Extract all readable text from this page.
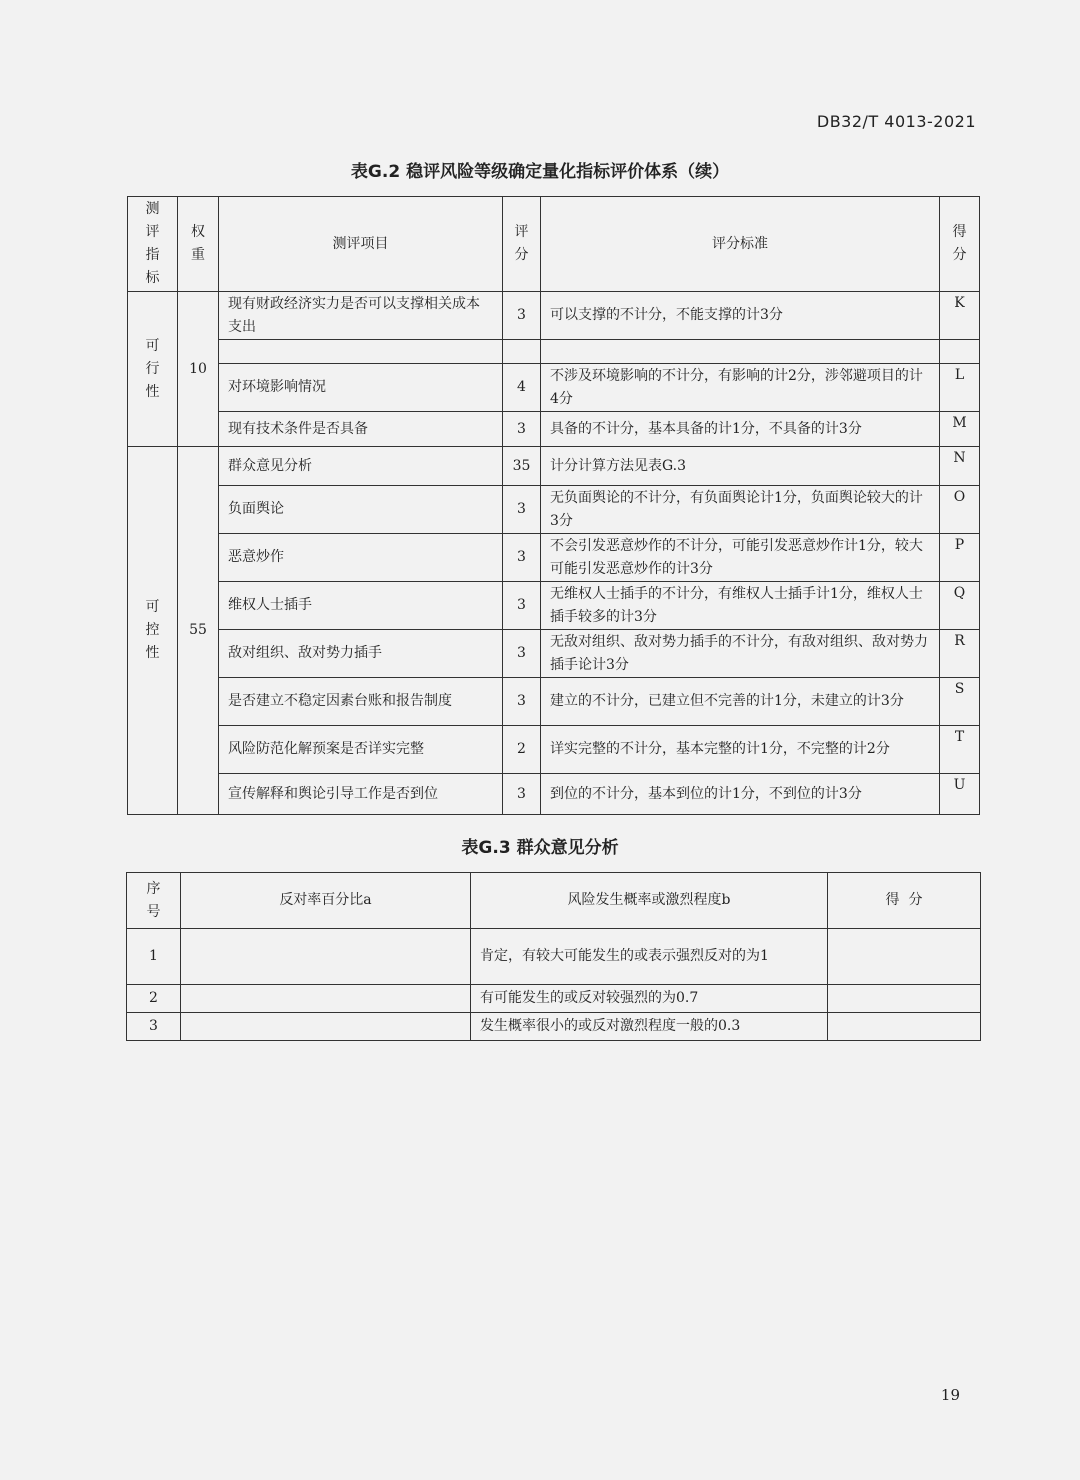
DB32/T 4013-2021
表G.2 稳评风险等级确定量化指标评价体系（续）
测评指标	权重	测评项目	评分	评分标准	得分

可行性	10	现有财政经济实力是否可以支撑相关成本支出	3	可以支撑的不计分，不能支撑的计3分	K

		对环境影响情况	4	不涉及环境影响的不计分，有影响的计2分，涉邻避项目的计4分	L
		现有技术条件是否具备	3	具备的不计分，基本具备的计1分，不具备的计3分	M

可控性	55	群众意见分析	35	计分计算方法见表G.3	N
		负面舆论	3	无负面舆论的不计分，有负面舆论计1分，负面舆论较大的计3分	O
		恶意炒作	3	不会引发恶意炒作的不计分，可能引发恶意炒作计1分，较大可能引发恶意炒作的计3分	P
		维权人士插手	3	无维权人士插手的不计分，有维权人士插手计1分，维权人士插手较多的计3分	Q
		敌对组织、敌对势力插手	3	无敌对组织、敌对势力插手的不计分，有敌对组织、敌对势力插手论计3分	R
		是否建立不稳定因素台账和报告制度	3	建立的不计分，已建立但不完善的计1分，未建立的计3分	S
		风险防范化解预案是否详实完整	2	详实完整的不计分，基本完整的计1分，不完整的计2分	T
		宣传解释和舆论引导工作是否到位	3	到位的不计分，基本到位的计1分，不到位的计3分	U
表G.3 群众意见分析
序号	反对率百分比a	风险发生概率或激烈程度b	得  分
1		肯定，有较大可能发生的或表示强烈反对的为1	
2		有可能发生的或反对较强烈的为0.7	
3		发生概率很小的或反对激烈程度一般的0.3	
19
